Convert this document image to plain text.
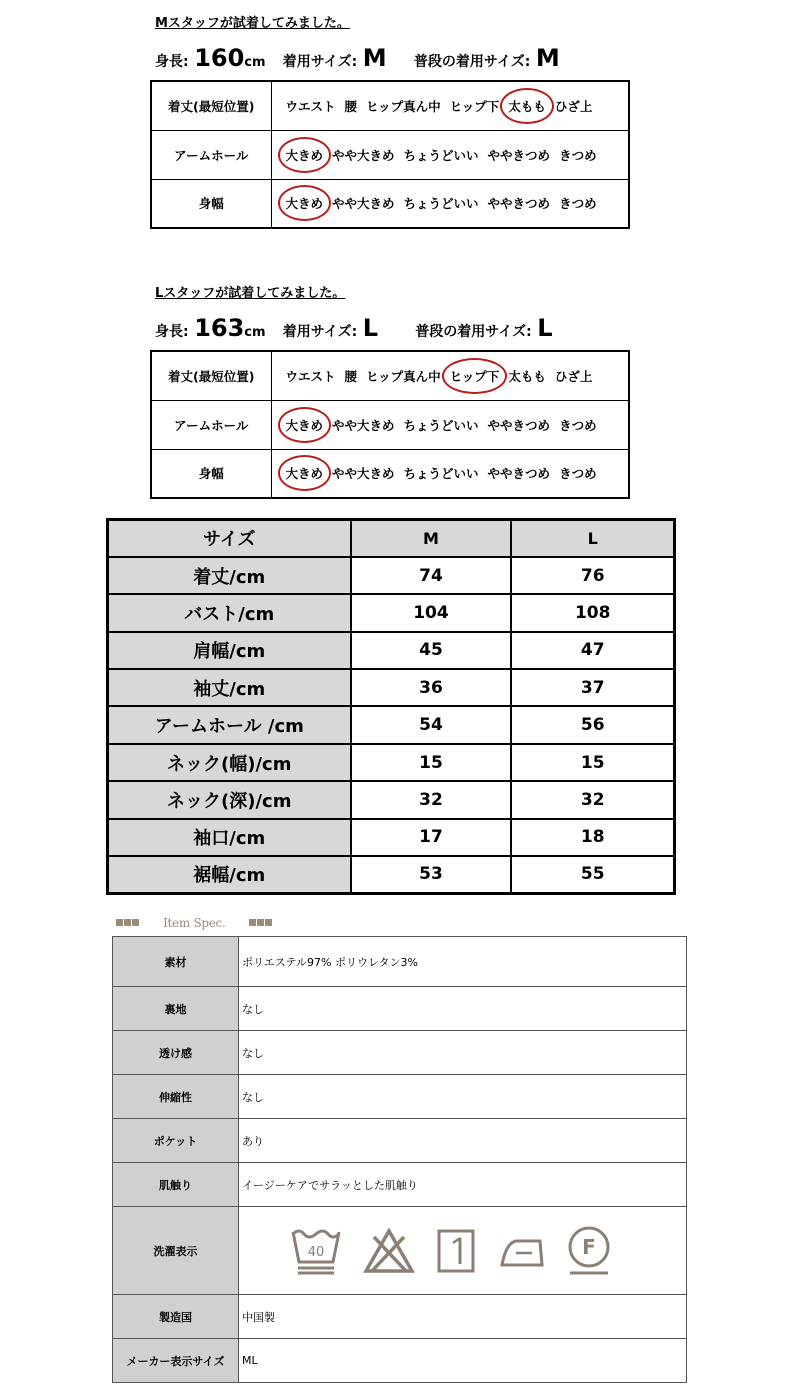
Mスタッフが試着してみました。
身長: 160cm 着用サイズ: M 普段の着用サイズ: M
着丈(最短位置)	ウエスト 腰 ヒップ真ん中 ヒップ下 太もも ひざ上
アームホール	大きめ やや大きめ ちょうどいい ややきつめ きつめ
身幅	大きめ やや大きめ ちょうどいい ややきつめ きつめ
Lスタッフが試着してみました。
身長: 163cm 着用サイズ: L	普段の着用サイズ: L
着丈(最短位置)	ウエスト 腰 ヒップ真ん中 ヒップ下 太もも ひざ上
アームホール	大きめ やや大きめ ちょうどいい ややきつめ きつめ
身幅	大きめ やや大きめ ちょうどいい ややきつめ きつめ
サイズ	M	L
着丈/cm	74	76
バスト/cm	104	108
肩幅/cm	45	47
袖丈/cm	36	37
アームホール /cm	54	56
ネック(幅)/cm	15	15
ネック(深)/cm	32	32
袖口/cm	17	18
裾幅/cm	53	55
Item Spec.
素材	ポリエステル97% ポリウレタン3%
裏地	なし
透け感	なし
伸縮性	なし
ポケット	あり
肌触り	イージーケアでサラッとした肌触り
洗濯表示	40 F

製造国	中国製
メーカー表示サイズ	ML
